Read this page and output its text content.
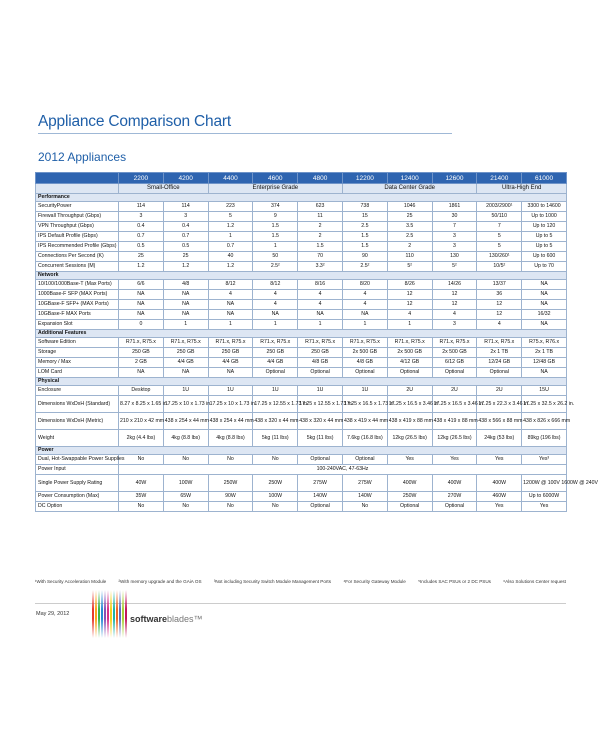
Appliance Comparison Chart
2012 Appliances
	2200	4200	4400	4600	4800	12200	12400	12600	21400	61000
	Small-Office		Enterprise Grade			Data Center Grade			Ultra-High End	
Performance										
SecurityPower	114	114	223	374	623	738	1046	1861	2003/2900¹	3300 to 14600
Firewall Throughput (Gbps)	3	3	5	9	11	15	25	30	50/110	Up to 1000
VPN Throughput (Gbps)	0.4	0.4	1.2	1.5	2	2.5	3.5	7	7	Up to 120
IPS Default Profile (Gbps)	0.7	0.7	1	1.5	2	1.5	2.5	3	5	Up to 5
IPS Recommended Profile (Gbps)	0.5	0.5	0.7	1	1.5	1.5	2	3	5	Up to 5
Connections Per Second (K)	25	25	40	50	70	90	110	130	130/260¹	Up to 600
Concurrent Sessions (M)	1.2	1.2	1.2	2.5²	3.3²	2.5²	5²	5²	10/5²	Up to 70
Network										
10/100/1000Base-T (Max Ports)	6/6	4/8	8/12	8/12	8/16	8/20	8/26	14/26	13/37	NA
1000Base-F SFP (MAX Ports)	NA	NA	4	4	4	4	12	12	36	NA
10GBase-F SFP+ (MAX Ports)	NA	NA	NA	4	4	4	12	12	12	NA
10GBase-F MAX Ports	NA	NA	NA	NA	NA	NA	4	4	12	16/32
Expansion Slot	0	1	1	1	1	1	1	3	4	NA
Additional Features										
Software Edition	R71.x, R75.x	R71.x, R75.x	R71.x, R75.x	R71.x, R75.x	R71.x, R75.x	R71.x, R75.x	R71.x, R75.x	R71.x, R75.x	R71.x, R75.x	R75.x, R76.x
Storage	250 GB	250 GB	250 GB	250 GB	250 GB	2x 500 GB	2x 500 GB	2x 500 GB	2x 1 TB	2x 1 TB
Memory / Max	2 GB	4/4 GB	4/4 GB	4/4 GB	4/8 GB	4/8 GB	4/12 GB	6/12 GB	12/24 GB	12/48 GB
LOM Card	NA	NA	NA	Optional	Optional	Optional	Optional	Optional	Optional	NA
Physical										
Enclosure	Desktop	1U	1U	1U	1U	1U	2U	2U	2U	15U
Dimensions WxDxH (Standard)	8.27 x 8.25 x 1.65 in.	17.25 x 10 x 1.73 in.	17.25 x 10 x 1.73 in.	17.25 x 12.55 x 1.73 in.	17.25 x 12.55 x 1.73 in.	17.25 x 16.5 x 1.73 in.	17.25 x 16.5 x 3.46 in.	17.25 x 16.5 x 3.46 in.	17.25 x 22.3 x 3.46 in.	17.25 x 32.5 x 26.2 in.
Dimensions WxDxH (Metric)	210 x 210 x 42 mm	438 x 254 x 44 mm	438 x 254 x 44 mm	438 x 320 x 44 mm	438 x 320 x 44 mm	438 x 419 x 44 mm	438 x 419 x 88 mm	438 x 419 x 88 mm	438 x 566 x 88 mm	438 x 826 x 666 mm
Weight	2kg (4.4 lbs)	4kg (8.8 lbs)	4kg (8.8 lbs)	5kg (11 lbs)	5kg (11 lbs)	7.6kg (16.8 lbs)	12kg (26.5 lbs)	12kg (26.5 lbs)	24kg (53 lbs)	89kg (196 lbs)
Power										
Dual, Hot-Swappable Power Supplies	No	No	No	No	Optional	Optional	Yes	Yes	Yes	Yes³
Power Input	100-240VAC, 47-63Hz									
Single Power Supply Rating	40W	100W	250W	250W	275W	275W	400W	400W	400W	1200W @ 100V 1600W @ 240V
Power Consumption (Max)	35W	65W	90W	100W	140W	140W	250W	270W	460W	Up to 6000W
DC Option	No	No	No	No	Optional	No	Optional	Optional	Yes	Yes
¹With Security Acceleration Module	²With memory upgrade and the GAiA OS	³Not including Security Switch Module Management Ports	⁴For Security Gateway Module	⁵Includes SAC PSUs or 2 DC PSUs	⁶Also Solutions Center request
May 29, 2012	softwareblades™
